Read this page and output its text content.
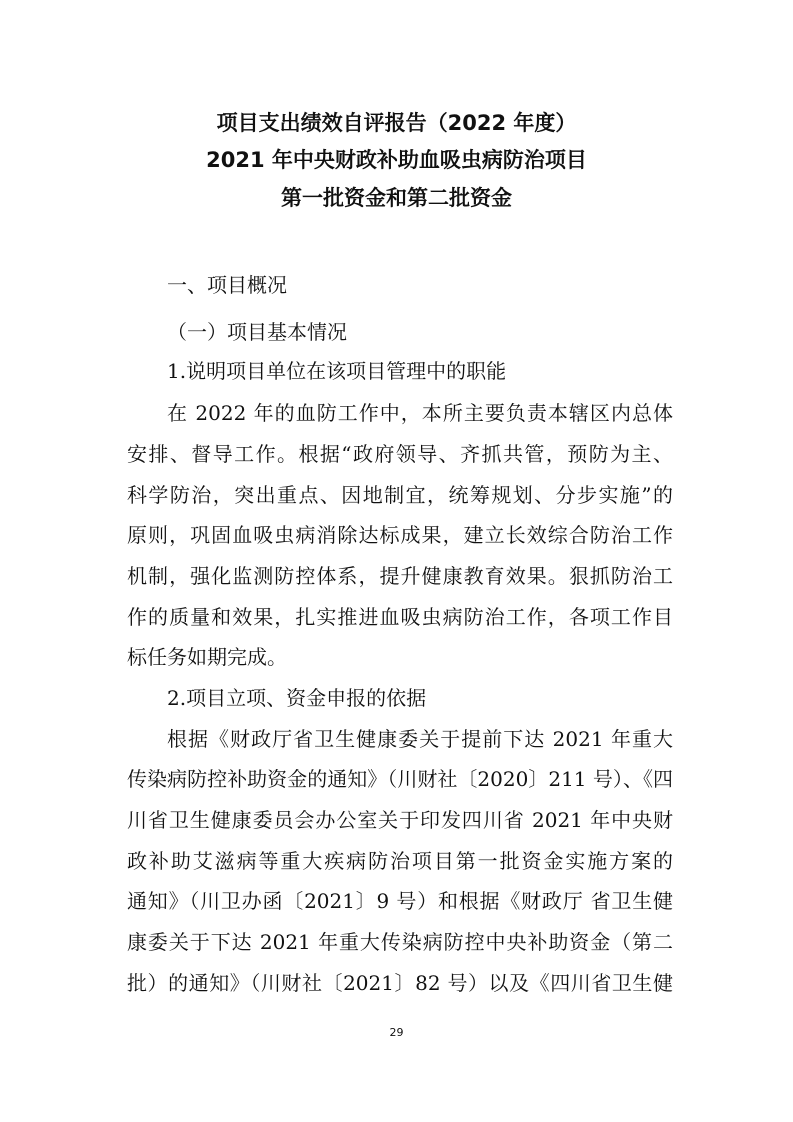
项目支出绩效自评报告（2022 年度）
2021 年中央财政补助血吸虫病防治项目
第一批资金和第二批资金
一、项目概况
（一）项目基本情况
1.说明项目单位在该项目管理中的职能
在 2022 年的血防工作中，本所主要负责本辖区内总体
安排、督导工作。根据“政府领导、齐抓共管，预防为主、
科学防治，突出重点、因地制宜，统筹规划、分步实施”的
原则，巩固血吸虫病消除达标成果，建立长效综合防治工作
机制，强化监测防控体系，提升健康教育效果。狠抓防治工
作的质量和效果，扎实推进血吸虫病防治工作，各项工作目
标任务如期完成。
2.项目立项、资金申报的依据
根据《财政厅省卫生健康委关于提前下达 2021 年重大
传染病防控补助资金的通知》（川财社〔2020〕211 号）、《四
川省卫生健康委员会办公室关于印发四川省 2021 年中央财
政补助艾滋病等重大疾病防治项目第一批资金实施方案的
通知》（川卫办函〔2021〕9 号）和根据《财政厅 省卫生健
康委关于下达 2021 年重大传染病防控中央补助资金（第二
批）的通知》（川财社〔2021〕82 号）以及《四川省卫生健
29
